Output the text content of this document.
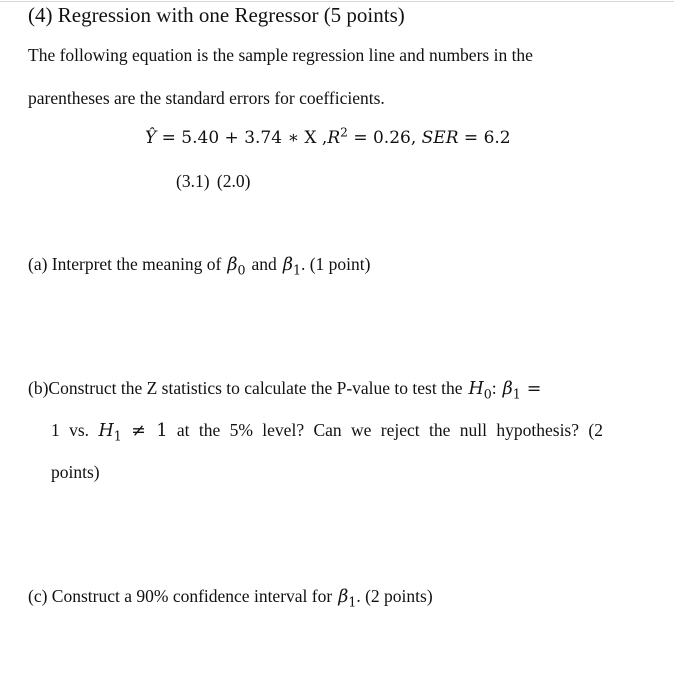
(4) Regression with one Regressor (5 points)
The following equation is the sample regression line and numbers in the
parentheses are the standard errors for coefficients.
Ŷ = 5.40 + 3.74 ∗ X $,R^2 = 0.26$, SER = 6.2
(3.1) (2.0)
(a) Interpret the meaning of $\beta_0$ and $\beta_1$. (1 point)
(b)Construct the Z statistics to calculate the P-value to test the $H_0$: $\beta_1$ =
1 vs. $H_1 \ne 1$ at the 5% level? Can we reject the null hypothesis? (2
points)
(c) Construct a 90% confidence interval for $\beta_1$. (2 points)
